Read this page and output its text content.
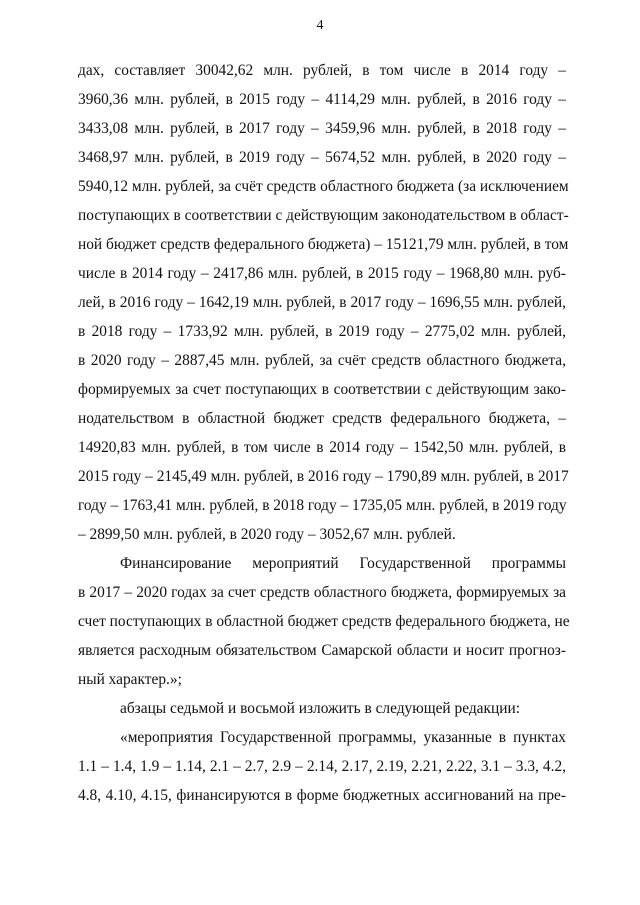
4
дах, составляет 30042,62 млн. рублей, в том числе в 2014 году –
3960,36 млн. рублей, в 2015 году – 4114,29 млн. рублей, в 2016 году –
3433,08 млн. рублей, в 2017 году – 3459,96 млн. рублей, в 2018 году –
3468,97 млн. рублей, в 2019 году – 5674,52 млн. рублей, в 2020 году –
5940,12 млн. рублей, за счёт средств областного бюджета (за исключением
поступающих в соответствии с действующим законодательством в област-
ной бюджет средств федерального бюджета) – 15121,79 млн. рублей, в том
числе в 2014 году – 2417,86 млн. рублей, в 2015 году – 1968,80 млн. руб-
лей, в 2016 году – 1642,19 млн. рублей, в 2017 году – 1696,55 млн. рублей,
в 2018 году – 1733,92 млн. рублей, в 2019 году – 2775,02 млн. рублей,
в 2020 году – 2887,45 млн. рублей, за счёт средств областного бюджета,
формируемых за счет поступающих в соответствии с действующим зако-
нодательством в областной бюджет средств федерального бюджета, –
14920,83 млн. рублей, в том числе в 2014 году – 1542,50 млн. рублей, в
2015 году – 2145,49 млн. рублей, в 2016 году – 1790,89 млн. рублей, в 2017
году – 1763,41 млн. рублей, в 2018 году – 1735,05 млн. рублей, в 2019 году
– 2899,50 млн. рублей, в 2020 году – 3052,67 млн. рублей.
Финансирование мероприятий Государственной программы
в 2017 – 2020 годах за счет средств областного бюджета, формируемых за
счет поступающих в областной бюджет средств федерального бюджета, не
является расходным обязательством Самарской области и носит прогноз-
ный характер.»;
абзацы седьмой и восьмой изложить в следующей редакции:
«мероприятия Государственной программы, указанные в пунктах
1.1 – 1.4, 1.9 – 1.14, 2.1 – 2.7, 2.9 – 2.14, 2.17, 2.19, 2.21, 2.22, 3.1 – 3.3, 4.2,
4.8, 4.10, 4.15, финансируются в форме бюджетных ассигнований на пре-
